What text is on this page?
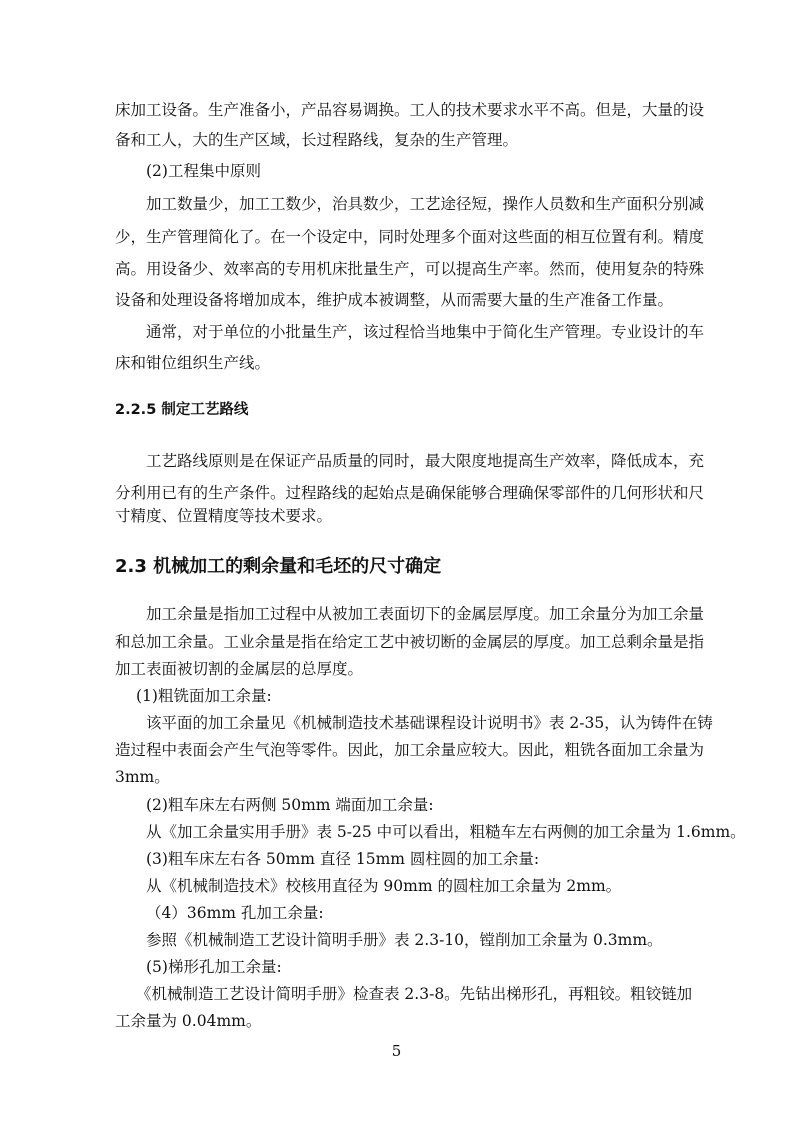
床加工设备。生产准备小，产品容易调换。工人的技术要求水平不高。但是，大量的设
备和工人，大的生产区域，长过程路线，复杂的生产管理。
(2)工程集中原则
加工数量少，加工工数少，治具数少，工艺途径短，操作人员数和生产面积分别减
少，生产管理简化了。在一个设定中，同时处理多个面对这些面的相互位置有利。精度
高。用设备少、效率高的专用机床批量生产，可以提高生产率。然而，使用复杂的特殊
设备和处理设备将增加成本，维护成本被调整，从而需要大量的生产准备工作量。
通常，对于单位的小批量生产，该过程恰当地集中于简化生产管理。专业设计的车
床和钳位组织生产线。
2.2.5 制定工艺路线
工艺路线原则是在保证产品质量的同时，最大限度地提高生产效率，降低成本，充
分利用已有的生产条件。过程路线的起始点是确保能够合理确保零部件的几何形状和尺
寸精度、位置精度等技术要求。
2.3 机械加工的剩余量和毛坯的尺寸确定
加工余量是指加工过程中从被加工表面切下的金属层厚度。加工余量分为加工余量
和总加工余量。工业余量是指在给定工艺中被切断的金属层的厚度。加工总剩余量是指
加工表面被切割的金属层的总厚度。
(1)粗铣面加工余量:
该平面的加工余量见《机械制造技术基础课程设计说明书》表 2-35，认为铸件在铸
造过程中表面会产生气泡等零件。因此，加工余量应较大。因此，粗铣各面加工余量为
3mm。
(2)粗车床左右两侧 50mm 端面加工余量:
从《加工余量实用手册》表 5-25 中可以看出，粗糙车左右两侧的加工余量为 1.6mm。
(3)粗车床左右各 50mm 直径 15mm 圆柱圆的加工余量:
从《机械制造技术》校核用直径为 90mm 的圆柱加工余量为 2mm。
（4）36mm 孔加工余量:
参照《机械制造工艺设计简明手册》表 2.3-10，镗削加工余量为 0.3mm。
(5)梯形孔加工余量:
《机械制造工艺设计简明手册》检查表 2.3-8。先钻出梯形孔，再粗铰。粗铰链加
工余量为 0.04mm。
5
